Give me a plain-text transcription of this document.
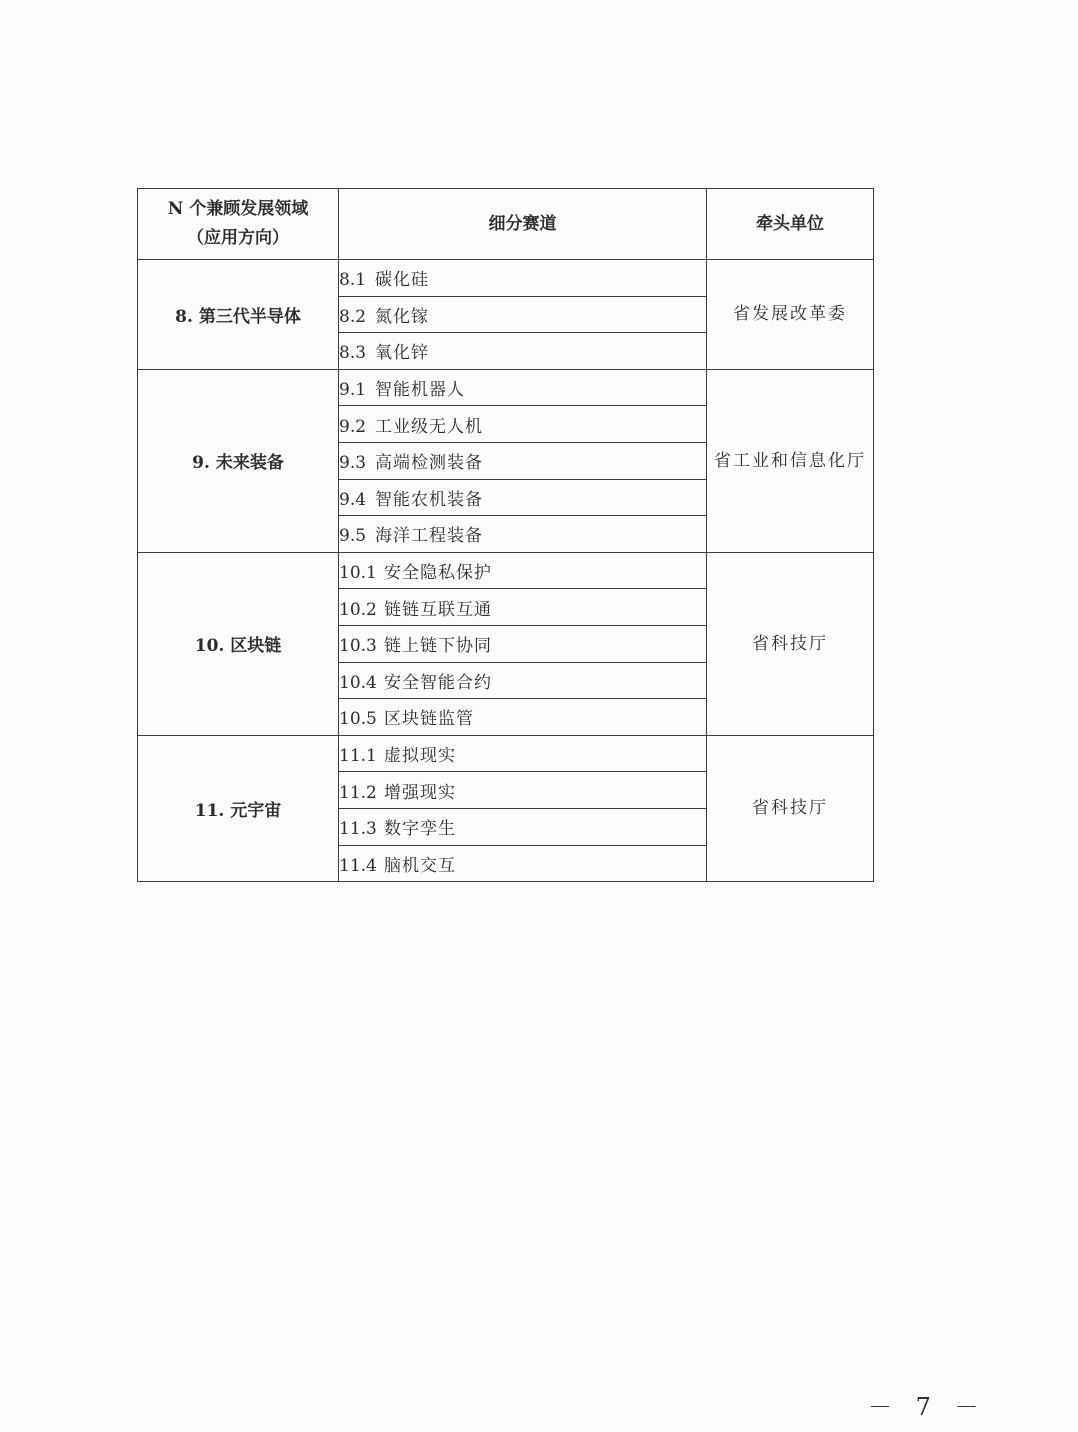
N 个兼顾发展领域
（应用方向）	细分赛道	牵头单位
8. 第三代半导体	8.1 碳化硅	省发展改革委
	8.2 氮化镓	
	8.3 氧化锌	
9. 未来装备	9.1 智能机器人	省工业和信息化厅
	9.2 工业级无人机	
	9.3 高端检测装备	
	9.4 智能农机装备	
	9.5 海洋工程装备	
10. 区块链	10.1 安全隐私保护	省科技厅
	10.2 链链互联互通	
	10.3 链上链下协同	
	10.4 安全智能合约	
	10.5 区块链监管	
11. 元宇宙	11.1 虚拟现实	省科技厅
	11.2 增强现实	
	11.3 数字孪生	
	11.4 脑机交互	
－ 7 －
